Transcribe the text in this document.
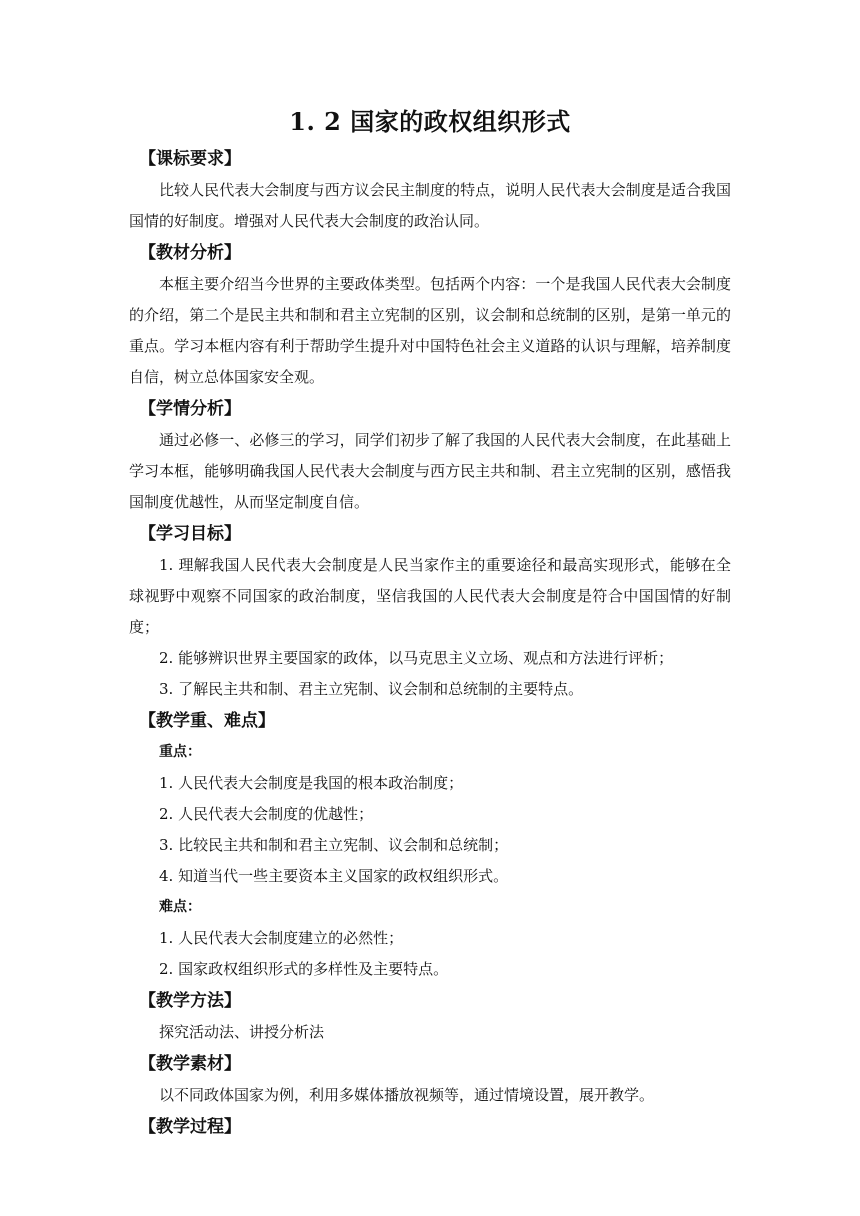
1. 2 国家的政权组织形式

【课标要求】

比较人民代表大会制度与西方议会民主制度的特点，说明人民代表大会制度是适合我国国情的好制度。增强对人民代表大会制度的政治认同。

【教材分析】

本框主要介绍当今世界的主要政体类型。包括两个内容：一个是我国人民代表大会制度的介绍，第二个是民主共和制和君主立宪制的区别，议会制和总统制的区别，是第一单元的重点。学习本框内容有利于帮助学生提升对中国特色社会主义道路的认识与理解，培养制度自信，树立总体国家安全观。

【学情分析】

通过必修一、必修三的学习，同学们初步了解了我国的人民代表大会制度，在此基础上学习本框，能够明确我国人民代表大会制度与西方民主共和制、君主立宪制的区别，感悟我国制度优越性，从而坚定制度自信。

【学习目标】

1. 理解我国人民代表大会制度是人民当家作主的重要途径和最高实现形式，能够在全球视野中观察不同国家的政治制度，坚信我国的人民代表大会制度是符合中国国情的好制度；

2. 能够辨识世界主要国家的政体，以马克思主义立场、观点和方法进行评析；

3. 了解民主共和制、君主立宪制、议会制和总统制的主要特点。

【教学重、难点】

重点：

1. 人民代表大会制度是我国的根本政治制度；

2. 人民代表大会制度的优越性；

3. 比较民主共和制和君主立宪制、议会制和总统制；

4. 知道当代一些主要资本主义国家的政权组织形式。

难点：

1. 人民代表大会制度建立的必然性；

2. 国家政权组织形式的多样性及主要特点。

【教学方法】

探究活动法、讲授分析法

【教学素材】

以不同政体国家为例，利用多媒体播放视频等，通过情境设置，展开教学。

【教学过程】
